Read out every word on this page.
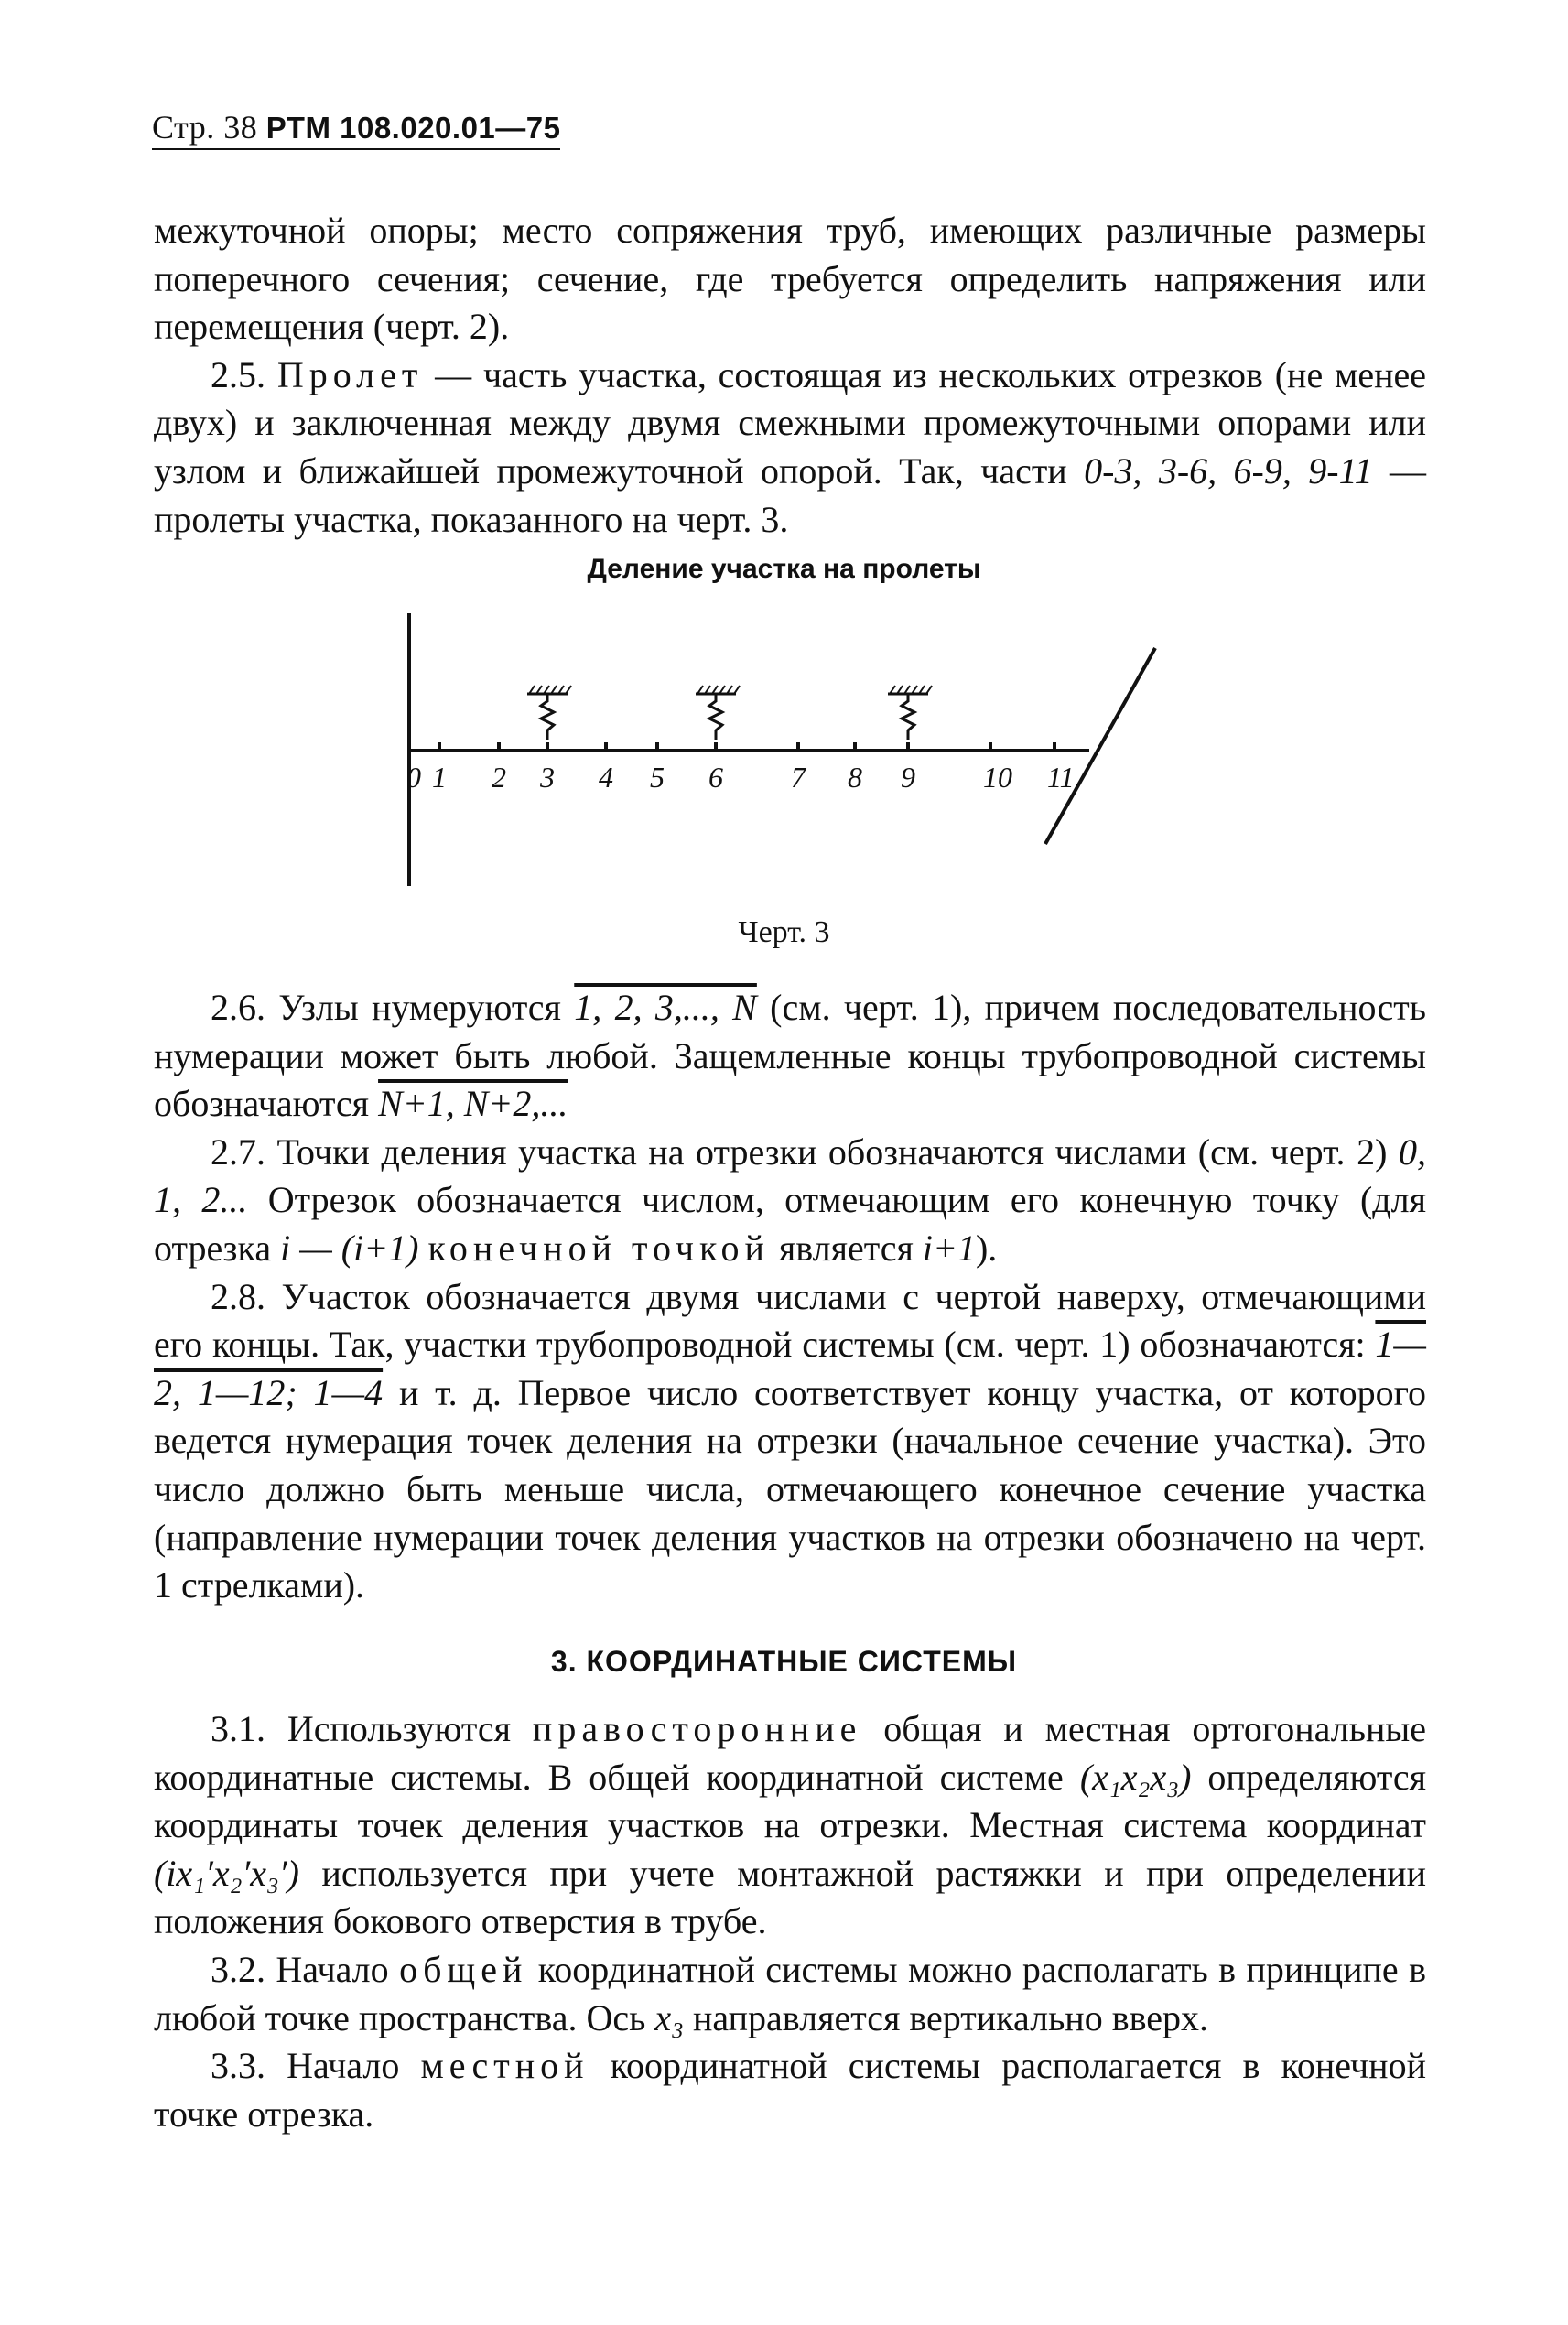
Стр. 38 РТМ 108.020.01—75

межуточной опоры; место сопряжения труб, имеющих различные размеры поперечного сечения; сечение, где требуется определить напряжения или перемещения (черт. 2).

2.5. Пролет — часть участка, состоящая из нескольких отрезков (не менее двух) и заключенная между двумя смежными промежуточными опорами или узлом и ближайшей промежуточной опорой. Так, части 0-3, 3-6, 6-9, 9-11 — пролеты участка, показанного на черт. 3.

Деление участка на пролеты
0 1 2 3 4 5 6 7 8 9 10 11
Черт. 3

2.6. Узлы нумеруются 1, 2, 3,..., N (см. черт. 1), причем последовательность нумерации может быть любой. Защемленные концы трубопроводной системы обозначаются N+1, N+2,...

2.7. Точки деления участка на отрезки обозначаются числами (см. черт. 2) 0, 1, 2... Отрезок обозначается числом, отмечающим его конечную точку (для отрезка i — (i+1) конечной точкой является i+1).

2.8. Участок обозначается двумя числами с чертой наверху, отмечающими его концы. Так, участки трубопроводной системы (см. черт. 1) обозначаются: 1—2, 1—12; 1—4 и т. д. Первое число соответствует концу участка, от которого ведется нумерация точек деления на отрезки (начальное сечение участка). Это число должно быть меньше числа, отмечающего конечное сечение участка (направление нумерации точек деления участков на отрезки обозначено на черт. 1 стрелками).

3. КООРДИНАТНЫЕ СИСТЕМЫ

3.1. Используются правосторонние общая и местная ортогональные координатные системы. В общей координатной системе (x₁x₂x₃) определяются координаты точек деления участков на отрезки. Местная система координат (ix₁′x₂′x₃′) используется при учете монтажной растяжки и при определении положения бокового отверстия в трубе.

3.2. Начало общей координатной системы можно располагать в принципе в любой точке пространства. Ось x₃ направляется вертикально вверх.

3.3. Начало местной координатной системы располагается в конечной точке отрезка.
